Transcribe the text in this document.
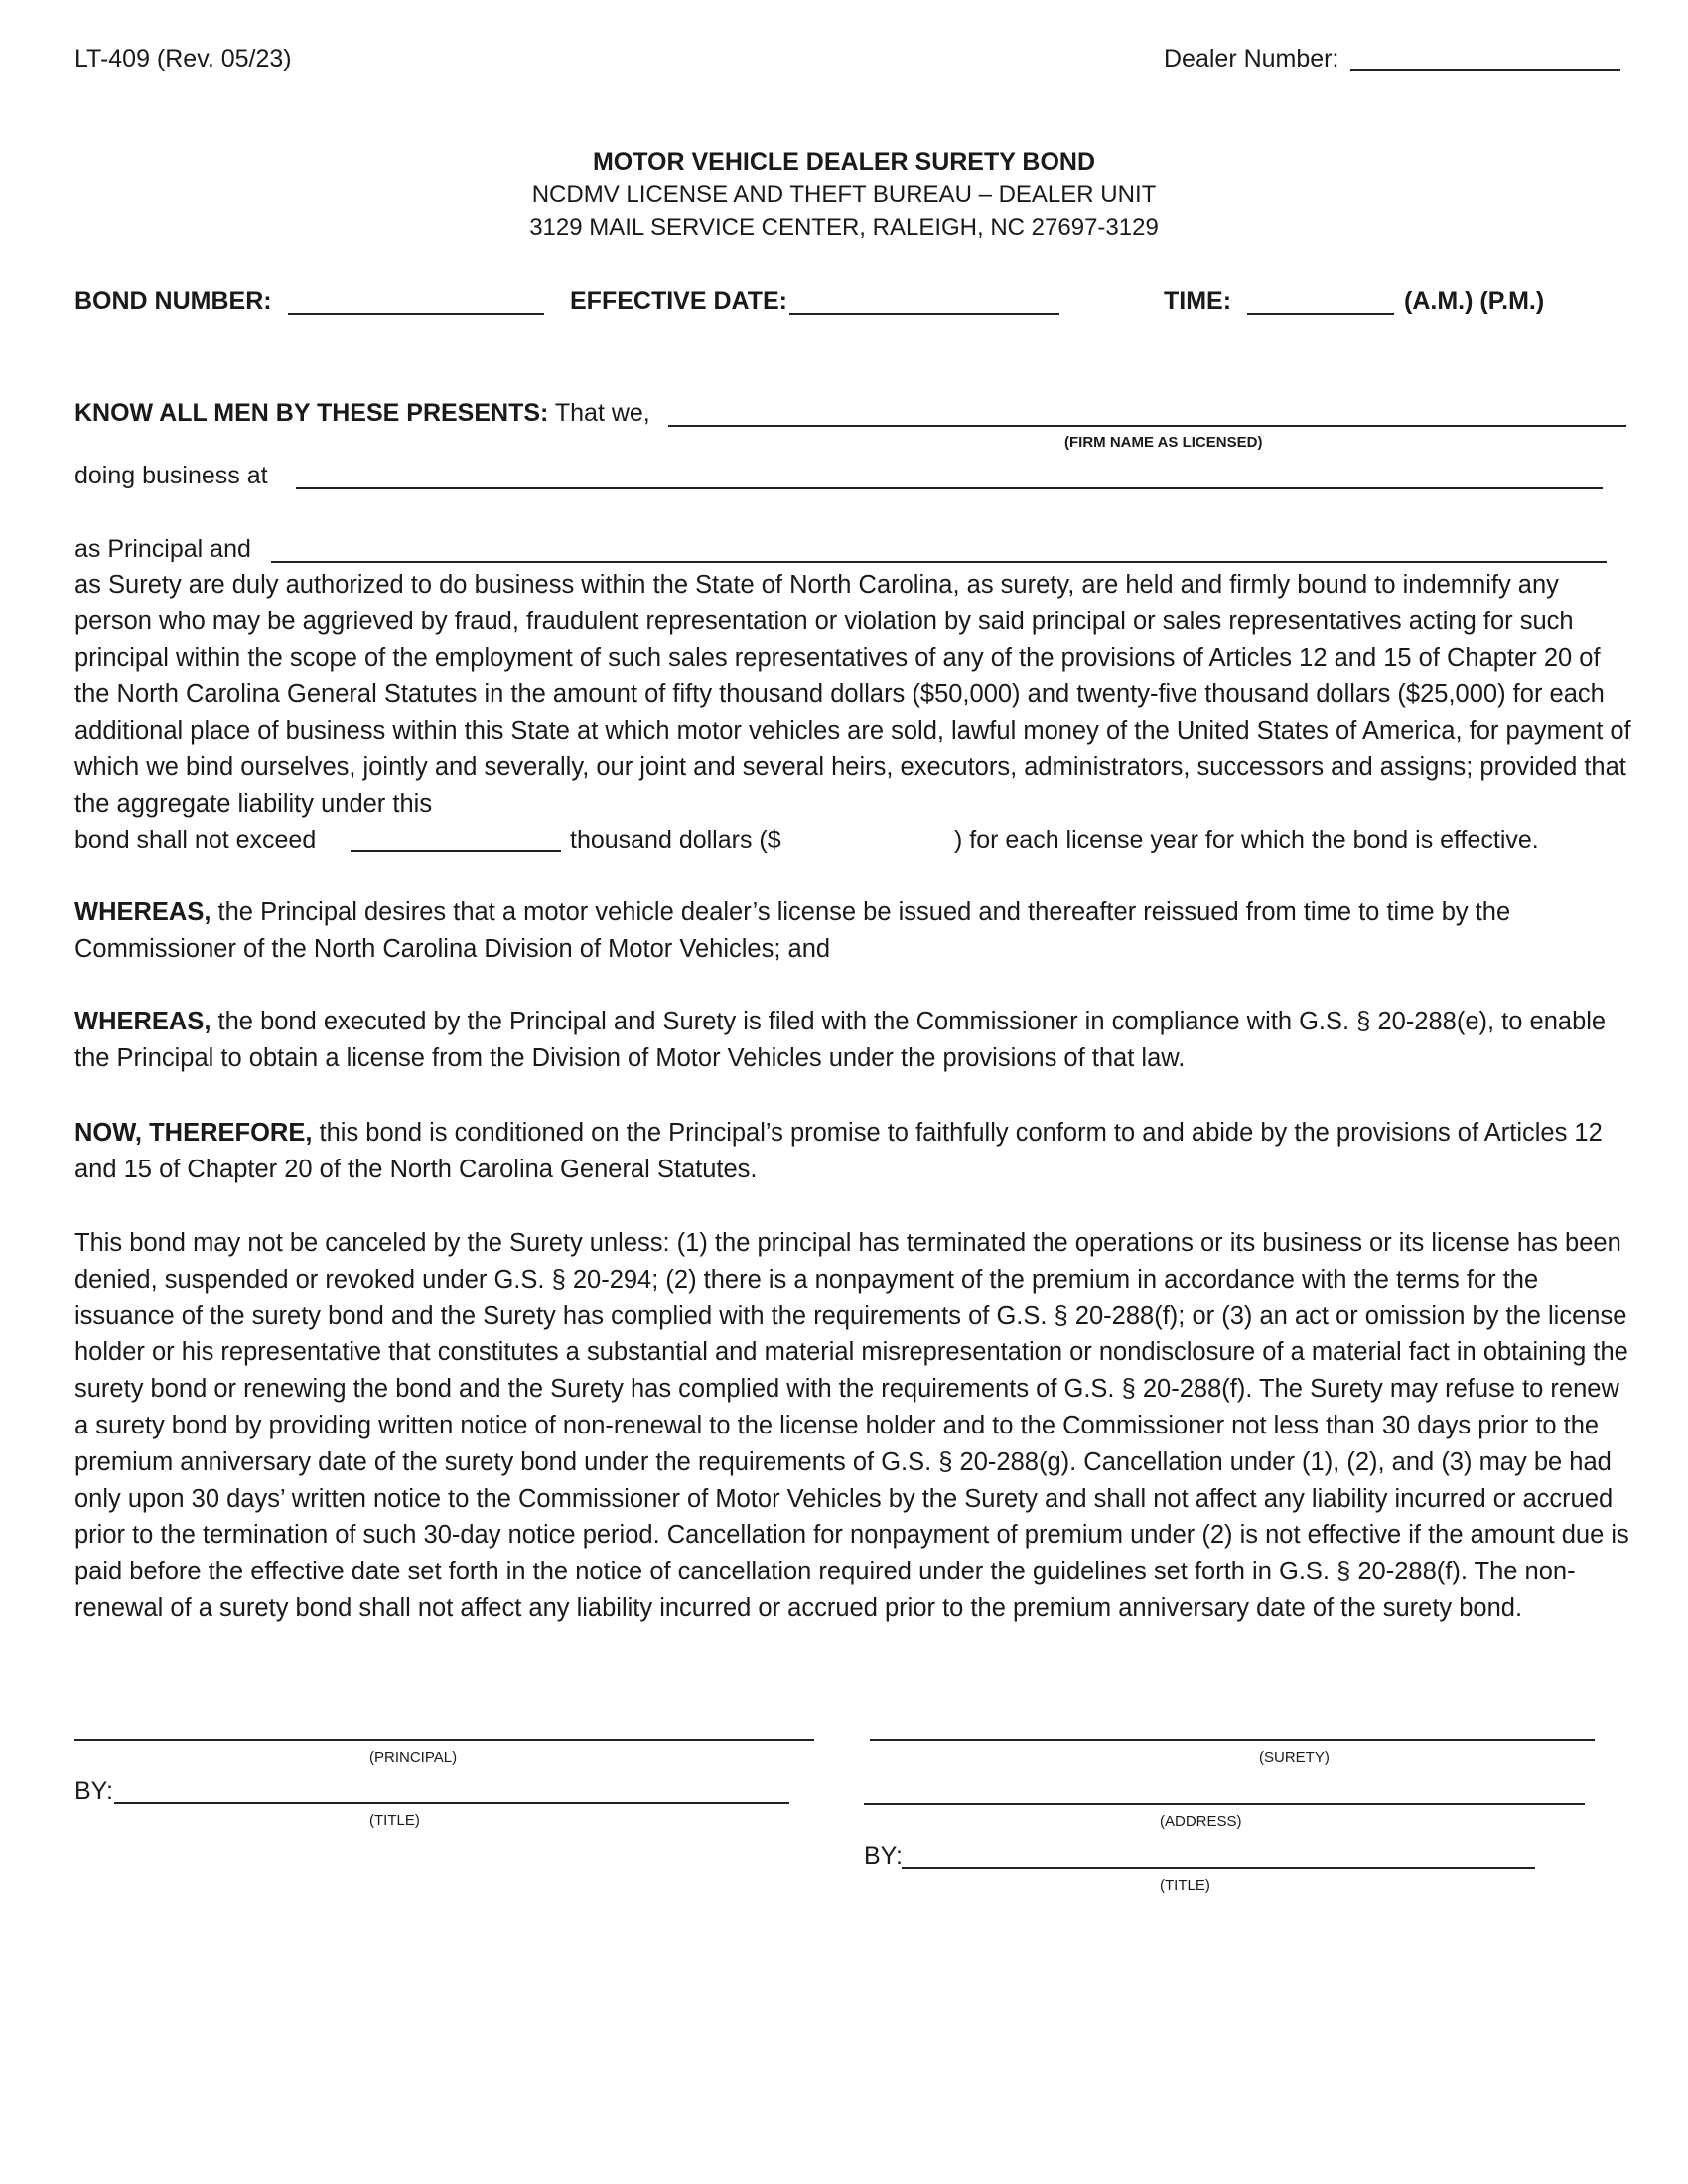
LT-409 (Rev. 05/23)	Dealer Number:
MOTOR VEHICLE DEALER SURETY BOND
NCDMV LICENSE AND THEFT BUREAU – DEALER UNIT
3129 MAIL SERVICE CENTER, RALEIGH, NC 27697-3129
BOND NUMBER:	EFFECTIVE DATE:	TIME:	(A.M.) (P.M.)
KNOW ALL MEN BY THESE PRESENTS: That we,
(FIRM NAME AS LICENSED)
doing business at
as Principal and

as Surety are duly authorized to do business within the State of North Carolina, as surety, are held and firmly bound to indemnify any person who may be aggrieved by fraud, fraudulent representation or violation by said principal or sales representatives acting for such principal within the scope of the employment of such sales representatives of any of the provisions of Articles 12 and 15 of Chapter 20 of the North Carolina General Statutes in the amount of fifty thousand dollars ($50,000) and twenty-five thousand dollars ($25,000) for each additional place of business within this State at which motor vehicles are sold, lawful money of the United States of America, for payment of which we bind ourselves, jointly and severally, our joint and several heirs, executors, administrators, successors and assigns; provided that the aggregate liability under this

bond shall not exceed	thousand dollars ($	) for each license year for which the bond is effective.

WHEREAS, the Principal desires that a motor vehicle dealer’s license be issued and thereafter reissued from time to time by the Commissioner of the North Carolina Division of Motor Vehicles; and

WHEREAS, the bond executed by the Principal and Surety is filed with the Commissioner in compliance with G.S. § 20-288(e), to enable the Principal to obtain a license from the Division of Motor Vehicles under the provisions of that law.

NOW, THEREFORE, this bond is conditioned on the Principal’s promise to faithfully conform to and abide by the provisions of Articles 12 and 15 of Chapter 20 of the North Carolina General Statutes.

This bond may not be canceled by the Surety unless: (1) the principal has terminated the operations or its business or its license has been denied, suspended or revoked under G.S. § 20-294; (2) there is a nonpayment of the premium in accordance with the terms for the issuance of the surety bond and the Surety has complied with the requirements of G.S. § 20-288(f); or (3) an act or omission by the license holder or his representative that constitutes a substantial and material misrepresentation or nondisclosure of a material fact in obtaining the surety bond or renewing the bond and the Surety has complied with the requirements of G.S. § 20-288(f). The Surety may refuse to renew a surety bond by providing written notice of non-renewal to the license holder and to the Commissioner not less than 30 days prior to the premium anniversary date of the surety bond under the requirements of G.S. § 20-288(g). Cancellation under (1), (2), and (3) may be had only upon 30 days’ written notice to the Commissioner of Motor Vehicles by the Surety and shall not affect any liability incurred or accrued prior to the termination of such 30-day notice period. Cancellation for nonpayment of premium under (2) is not effective if the amount due is paid before the effective date set forth in the notice of cancellation required under the guidelines set forth in G.S. § 20-288(f). The non-renewal of a surety bond shall not affect any liability incurred or accrued prior to the premium anniversary date of the surety bond.

(PRINCIPAL)
BY:
(TITLE)
(SURETY)
(ADDRESS)
BY:
(TITLE)
